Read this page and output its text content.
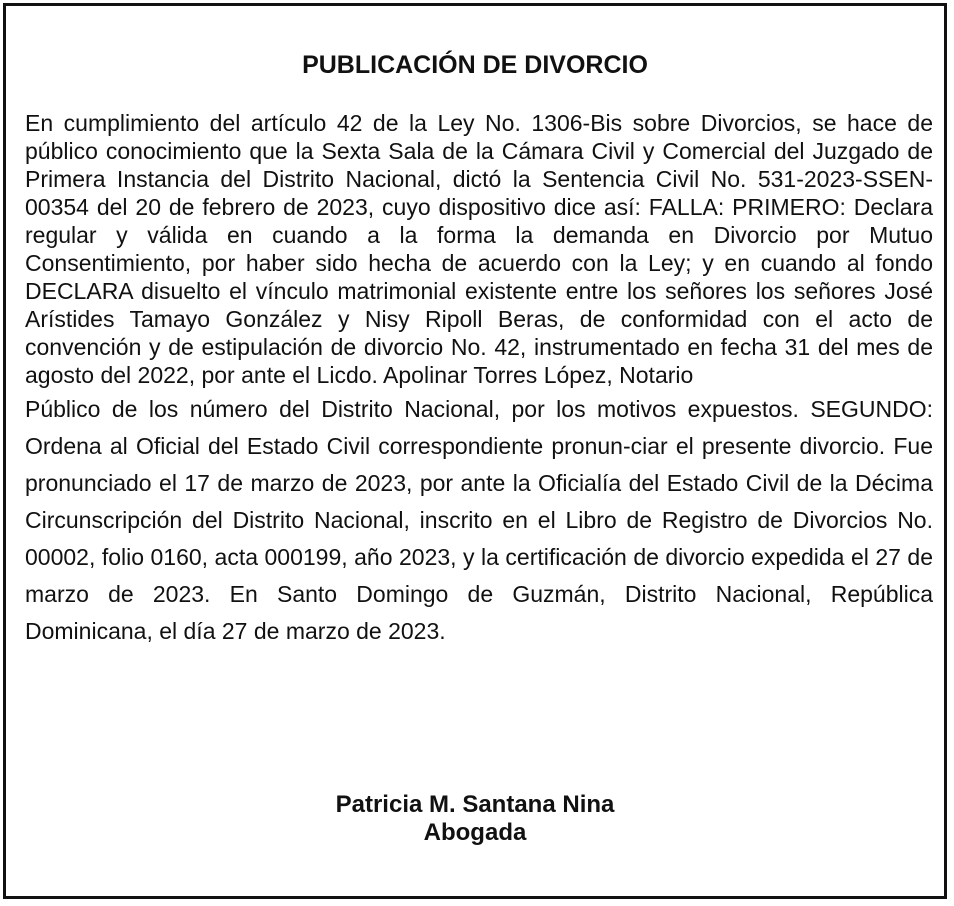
PUBLICACIÓN DE DIVORCIO

En cumplimiento del artículo 42 de la Ley No. 1306-Bis sobre Divorcios, se hace de público conocimiento que la Sexta Sala de la Cámara Civil y Comercial del Juzgado de Primera Instancia del Distrito Nacional, dictó la Sentencia Civil No. 531-2023-SSEN-00354 del 20 de febrero de 2023, cuyo dispositivo dice así: FALLA: PRIMERO: Declara regular y válida en cuando a la forma la demanda en Divorcio por Mutuo Consentimiento, por haber sido hecha de acuerdo con la Ley; y en cuando al fondo DECLARA disuelto el vínculo matrimonial existente entre los señores los señores José Arístides Tamayo González y Nisy Ripoll Beras, de conformidad con el acto de convención y de estipulación de divorcio No. 42, instrumentado en fecha 31 del mes de agosto del 2022, por ante el Licdo. Apolinar Torres López, Notario
Público de los número del Distrito Nacional, por los motivos expuestos. SEGUNDO: Ordena al Oficial del Estado Civil correspondiente pronun-ciar el presente divorcio. Fue pronunciado el 17 de marzo de 2023, por ante la Oficialía del Estado Civil de la Décima Circunscripción del Distrito Nacional, inscrito en el Libro de Registro de Divorcios No. 00002, folio 0160, acta 000199, año 2023, y la certificación de divorcio expedida el 27 de marzo de 2023. En Santo Domingo de Guzmán, Distrito Nacional, República Dominicana, el día 27 de marzo de 2023.

Patricia M. Santana Nina
Abogada
